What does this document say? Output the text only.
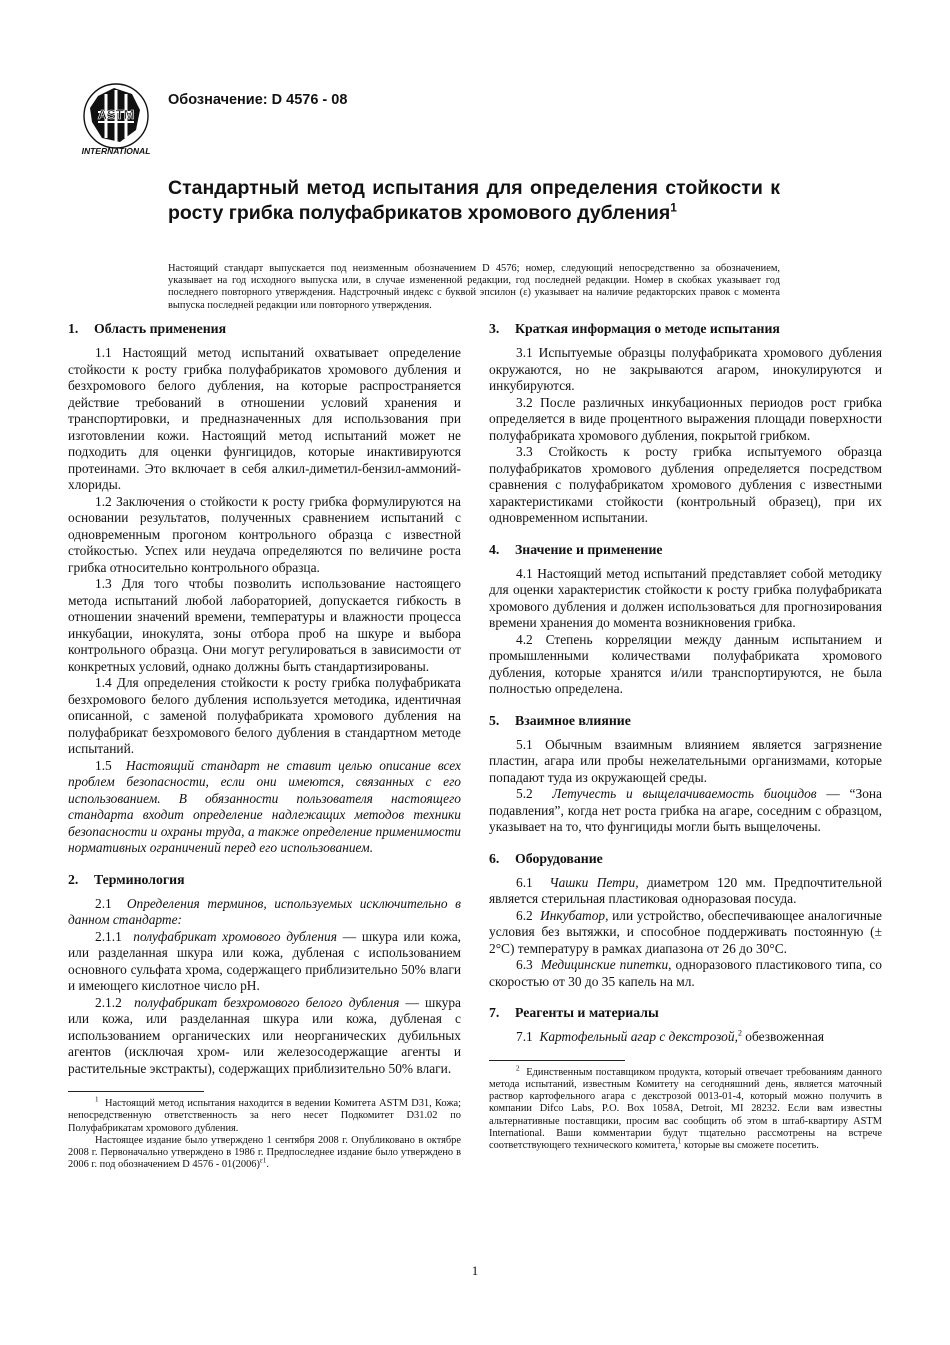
ASTM
INTERNATIONAL

Обозначение: D 4576 - 08

Стандартный метод испытания для определения стойкости к росту грибка полуфабрикатов хромового дубления$^1$

Настоящий стандарт выпускается под неизменным обозначением D 4576; номер, следующий непосредственно за обозначением, указывает на год исходного выпуска или, в случае измененной редакции, год последней редакции. Номер в скобках указывает год последнего повторного утверждения. Надстрочный индекс с буквой эпсилон (ε) указывает на наличие редакторских правок с момента выпуска последней редакции или повторного утверждения.

1. Область применения

1.1 Настоящий метод испытаний охватывает определение стойкости к росту грибка полуфабрикатов хромового дубления и безхромового белого дубления, на которые распространяется действие требований в отношении условий хранения и транспортировки, и предназначенных для использования при изготовлении кожи. Настоящий метод испытаний может не подходить для оценки фунгицидов, которые инактивируются протеинами. Это включает в себя алкил-диметил-бензил-аммоний-хлориды.

1.2 Заключения о стойкости к росту грибка формулируются на основании результатов, полученных сравнением испытаний с одновременным прогоном контрольного образца с известной стойкостью. Успех или неудача определяются по величине роста грибка относительно контрольного образца.

1.3 Для того чтобы позволить использование настоящего метода испытаний любой лабораторией, допускается гибкость в отношении значений времени, температуры и влажности процесса инкубации, инокулята, зоны отбора проб на шкуре и выбора контрольного образца. Они могут регулироваться в зависимости от конкретных условий, однако должны быть стандартизированы.

1.4 Для определения стойкости к росту грибка полуфабриката безхромового белого дубления используется методика, идентичная описанной, с заменой полуфабриката хромового дубления на полуфабрикат безхромового белого дубления в стандартном методе испытаний.

1.5 Настоящий стандарт не ставит целью описание всех проблем безопасности, если они имеются, связанных с его использованием. В обязанности пользователя настоящего стандарта входит определение надлежащих методов техники безопасности и охраны труда, а также определение применимости нормативных ограничений перед его использованием.

2. Терминология

2.1 Определения терминов, используемых исключительно в данном стандарте:

2.1.1 полуфабрикат хромового дубления — шкура или кожа, или разделанная шкура или кожа, дубленая с использованием основного сульфата хрома, содержащего приблизительно 50% влаги и имеющего кислотное число pH.

2.1.2 полуфабрикат безхромового белого дубления — шкура или кожа, или разделанная шкура или кожа, дубленая с использованием органических или неорганических дубильных агентов (исключая хром- или железосодержащие агенты и растительные экстракты), содержащих приблизительно 50% влаги.

$^1$ Настоящий метод испытания находится в ведении Комитета ASTM D31, Кожа; непосредственную ответственность за него несет Подкомитет D31.02 по Полуфабрикатам хромового дубления.

Настоящее издание было утверждено 1 сентября 2008 г. Опубликовано в октябре 2008 г. Первоначально утверждено в 1986 г. Предпоследнее издание было утверждено в 2006 г. под обозначением D $4576 - 01(2006)^{\varepsilon 1}$.

3. Краткая информация о методе испытания

3.1 Испытуемые образцы полуфабриката хромового дубления окружаются, но не закрываются агаром, инокулируются и инкубируются.

3.2 После различных инкубационных периодов рост грибка определяется в виде процентного выражения площади поверхности полуфабриката хромового дубления, покрытой грибком.

3.3 Стойкость к росту грибка испытуемого образца полуфабрикатов хромового дубления определяется посредством сравнения с полуфабрикатом хромового дубления с известными характеристиками стойкости (контрольный образец), при их одновременном испытании.

4. Значение и применение

4.1 Настоящий метод испытаний представляет собой методику для оценки характеристик стойкости к росту грибка полуфабриката хромового дубления и должен использоваться для прогнозирования времени хранения до момента возникновения грибка.

4.2 Степень корреляции между данным испытанием и промышленными количествами полуфабриката хромового дубления, которые хранятся и/или транспортируются, не была полностью определена.

5. Взаимное влияние

5.1 Обычным взаимным влиянием является загрязнение пластин, агара или пробы нежелательными организмами, которые попадают туда из окружающей среды.

5.2 Летучесть и выщелачиваемость биоцидов — “Зона подавления”, когда нет роста грибка на агаре, соседним с образцом, указывает на то, что фунгициды могли быть выщелочены.

6. Оборудование

6.1 Чашки Петри, диаметром 120 мм. Предпочтительной является стерильная пластиковая одноразовая посуда.

6.2 Инкубатор, или устройство, обеспечивающее аналогичные условия без вытяжки, и способное поддерживать постоянную (± 2°C) температуру в рамках диапазона от 26 до 30°C.

6.3 Медицинские пипетки, одноразового пластикового типа, со скоростью от 30 до 35 капель на мл.

7. Реагенты и материалы

7.1 Картофельный агар с декстрозой,$^2$ обезвоженная

$^2$ Единственным поставщиком продукта, который отвечает требованиям данного метода испытаний, известным Комитету на сегодняшний день, является маточный раствор картофельного агара с декстрозой 0013-01-4, который можно получить в компании Difco Labs, P.O. Box 1058A, Detroit, MI 28232. Если вам известны альтернативные поставщики, просим вас сообщить об этом в штаб-квартиру ASTM International. Ваши комментарии будут тщательно рассмотрены на встрече соответствующего технического комитета,$^1$ которые вы сможете посетить.

1
